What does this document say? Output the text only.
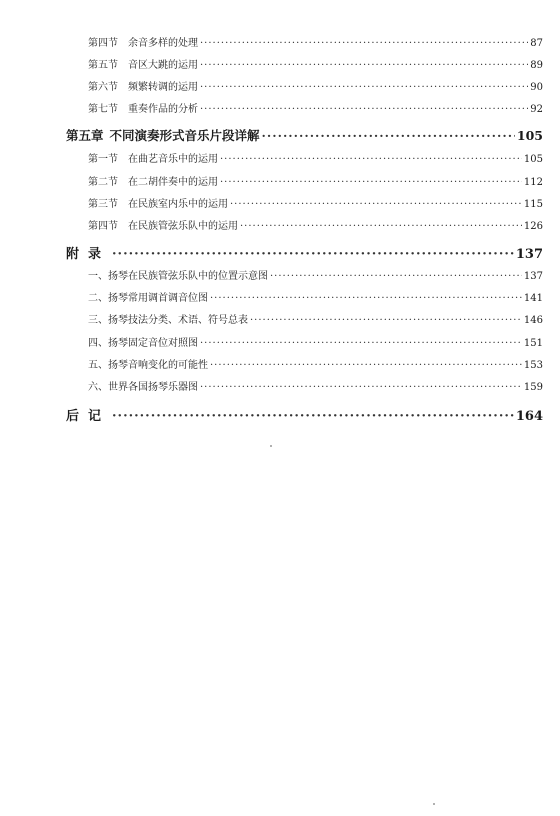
第四节	余音多样的处理 ·····	87
第五节	音区大跳的运用 ·····	89
第六节	频繁转调的运用 ·····	90
第七节	重奏作品的分析 ·····	92
第五章 不同演奏形式音乐片段详解 ·····	105
第一节	在曲艺音乐中的运用 ·····	105
第二节	在二胡伴奏中的运用 ·····	112
第三节	在民族室内乐中的运用 ·····	115
第四节	在民族管弦乐队中的运用 ·····	126
附录 ·····	137
一、扬琴在民族管弦乐队中的位置示意图 ·····	137
二、扬琴常用调首调音位图 ·····	141
三、扬琴技法分类、术语、符号总表 ·····	146
四、扬琴固定音位对照图 ·····	151
五、扬琴音响变化的可能性 ·····	153
六、世界各国扬琴乐器图 ·····	159
后记 ·····	164
